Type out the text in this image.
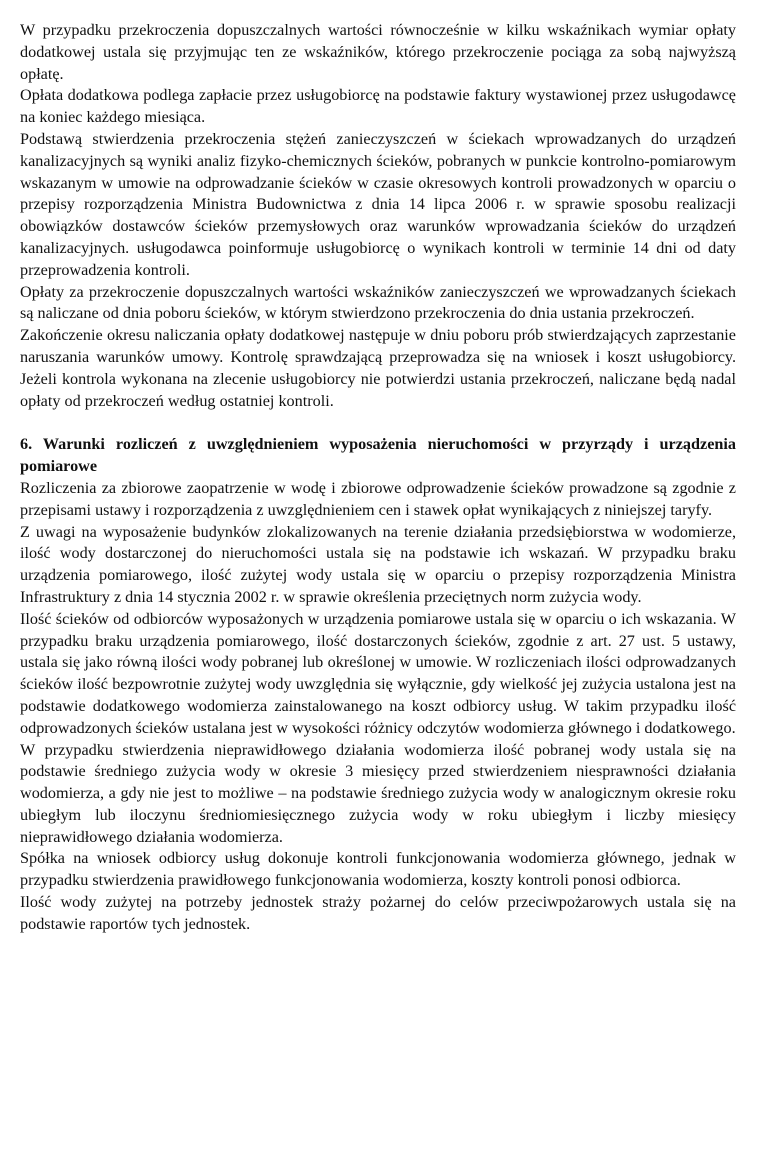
W przypadku przekroczenia dopuszczalnych wartości równocześnie w kilku wskaźnikach wymiar opłaty dodatkowej ustala się przyjmując ten ze wskaźników, którego przekroczenie pociąga za sobą najwyższą opłatę.

Opłata dodatkowa podlega zapłacie przez usługobiorcę na podstawie faktury wystawionej przez usługodawcę na koniec każdego miesiąca.

Podstawą stwierdzenia przekroczenia stężeń zanieczyszczeń w ściekach wprowadzanych do urządzeń kanalizacyjnych są wyniki analiz fizyko-chemicznych ścieków, pobranych w punkcie kontrolno-pomiarowym wskazanym w umowie na odprowadzanie ścieków w czasie okresowych kontroli prowadzonych w oparciu o przepisy rozporządzenia Ministra Budownictwa z dnia 14 lipca 2006 r. w sprawie sposobu realizacji obowiązków dostawców ścieków przemysłowych oraz warunków wprowadzania ścieków do urządzeń kanalizacyjnych. usługodawca poinformuje usługobiorcę o wynikach kontroli w terminie 14 dni od daty przeprowadzenia kontroli.

Opłaty za przekroczenie dopuszczalnych wartości wskaźników zanieczyszczeń we wprowadzanych ściekach są naliczane od dnia poboru ścieków, w którym stwierdzono przekroczenia do dnia ustania przekroczeń.

Zakończenie okresu naliczania opłaty dodatkowej następuje w dniu poboru prób stwierdzających zaprzestanie naruszania warunków umowy. Kontrolę sprawdzającą przeprowadza się na wniosek i koszt usługobiorcy. Jeżeli kontrola wykonana na zlecenie usługobiorcy nie potwierdzi ustania przekroczeń, naliczane będą nadal opłaty od przekroczeń według ostatniej kontroli.

6. Warunki rozliczeń z uwzględnieniem wyposażenia nieruchomości w przyrządy i urządzenia pomiarowe

Rozliczenia za zbiorowe zaopatrzenie w wodę i zbiorowe odprowadzenie ścieków prowadzone są zgodnie z przepisami ustawy i rozporządzenia z uwzględnieniem cen i stawek opłat wynikających z niniejszej taryfy.

Z uwagi na wyposażenie budynków zlokalizowanych na terenie działania przedsiębiorstwa w wodomierze, ilość wody dostarczonej do nieruchomości ustala się na podstawie ich wskazań. W przypadku braku urządzenia pomiarowego, ilość zużytej wody ustala się w oparciu o przepisy rozporządzenia Ministra Infrastruktury z dnia 14 stycznia 2002 r. w sprawie określenia przeciętnych norm zużycia wody.

Ilość ścieków od odbiorców wyposażonych w urządzenia pomiarowe ustala się w oparciu o ich wskazania. W przypadku braku urządzenia pomiarowego, ilość dostarczonych ścieków, zgodnie z art. 27 ust. 5 ustawy, ustala się jako równą ilości wody pobranej lub określonej w umowie. W rozliczeniach ilości odprowadzanych ścieków ilość bezpowrotnie zużytej wody uwzględnia się wyłącznie, gdy wielkość jej zużycia ustalona jest na podstawie dodatkowego wodomierza zainstalowanego na koszt odbiorcy usług. W takim przypadku ilość odprowadzonych ścieków ustalana jest w wysokości różnicy odczytów wodomierza głównego i dodatkowego.

W przypadku stwierdzenia nieprawidłowego działania wodomierza ilość pobranej wody ustala się na podstawie średniego zużycia wody w okresie 3 miesięcy przed stwierdzeniem niesprawności działania wodomierza, a gdy nie jest to możliwe – na podstawie średniego zużycia wody w analogicznym okresie roku ubiegłym lub iloczynu średniomiesięcznego zużycia wody w roku ubiegłym i liczby miesięcy nieprawidłowego działania wodomierza.

Spółka na wniosek odbiorcy usług dokonuje kontroli funkcjonowania wodomierza głównego, jednak w przypadku stwierdzenia prawidłowego funkcjonowania wodomierza, koszty kontroli ponosi odbiorca.

Ilość wody zużytej na potrzeby jednostek straży pożarnej do celów przeciwpożarowych ustala się na podstawie raportów tych jednostek.
